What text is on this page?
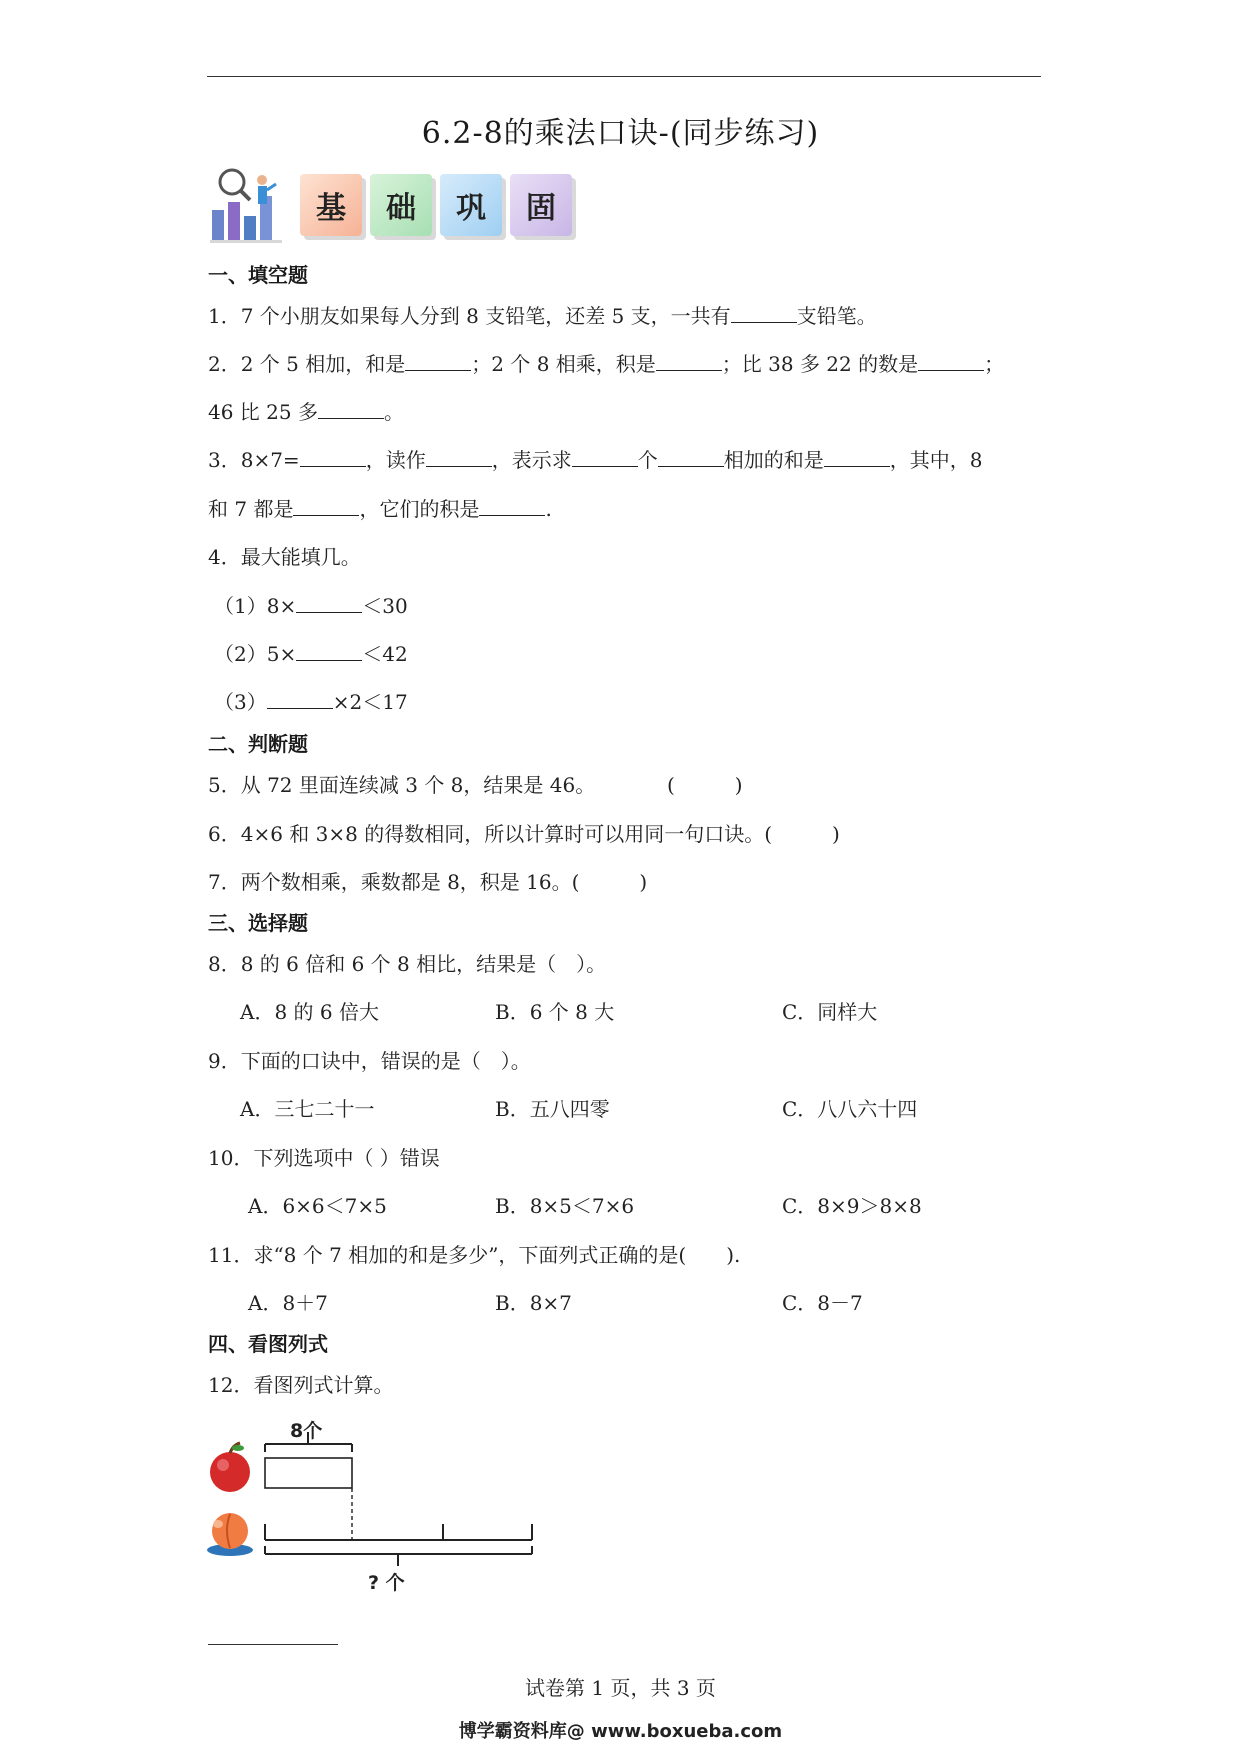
6.2-8的乘法口诀-(同步练习)
基	础	巩	固
一、填空题
1．7 个小朋友如果每人分到 8 支铅笔，还差 5 支，一共有	支铅笔。
2．2 个 5 相加，和是	；2 个 8 相乘，积是	；比 38 多 22 的数是	；
46 比 25 多	。
3．8×7=	，读作	，表示求	个	相加的和是	，其中，8
和 7 都是	，它们的积是	.
4．最大能填几。
（1）8×	＜30
（2）5×	＜42
（3）	×2＜17
二、判断题
5．从 72 里面连续减 3 个 8，结果是 46。	(　　　)
6．4×6 和 3×8 的得数相同，所以计算时可以用同一句口诀。(　　　)
7．两个数相乘，乘数都是 8，积是 16。(　　　)
三、选择题
8．8 的 6 倍和 6 个 8 相比，结果是（　）。
A．8 的 6 倍大	B．6 个 8 大	C．同样大
9．下面的口诀中，错误的是（　）。
A．三七二十一	B．五八四零	C．八八六十四
10．下列选项中（ ）错误
A．6×6＜7×5	B．8×5＜7×6	C．8×9＞8×8
11．求“8 个 7 相加的和是多少”，下面列式正确的是(　　).
A．8＋7	B．8×7	C．8－7
四、看图列式
12．看图列式计算。
8个
? 个
试卷第 1 页，共 3 页
博学霸资料库@ www.boxueba.com
